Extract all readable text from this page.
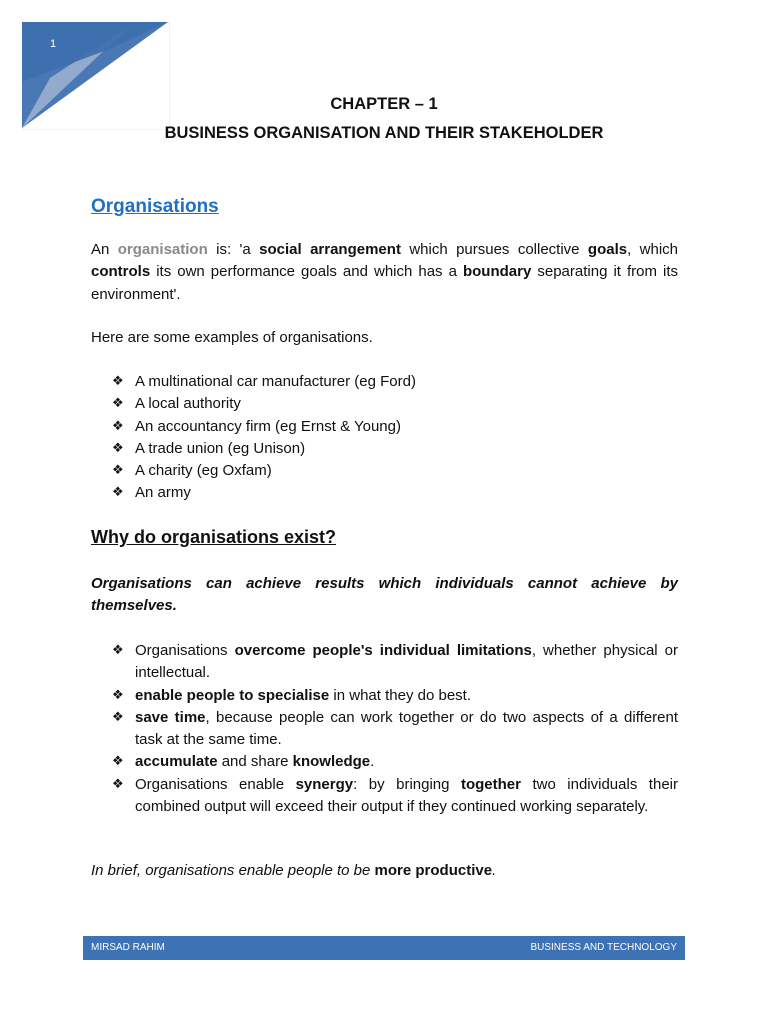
1
CHAPTER – 1
BUSINESS ORGANISATION AND THEIR STAKEHOLDER
Organisations
An organisation is: 'a social arrangement which pursues collective goals, which controls its own performance goals and which has a boundary separating it from its environment'.
Here are some examples of organisations.
❖ A multinational car manufacturer (eg Ford)
❖ A local authority
❖ An accountancy firm (eg Ernst & Young)
❖ A trade union (eg Unison)
❖ A charity (eg Oxfam)
❖ An army
Why do organisations exist?
Organisations can achieve results which individuals cannot achieve by themselves.
❖ Organisations overcome people's individual limitations, whether physical or intellectual.
❖ enable people to specialise in what they do best.
❖ save time, because people can work together or do two aspects of a different task at the same time.
❖ accumulate and share knowledge.
❖ Organisations enable synergy: by bringing together two individuals their combined output will exceed their output if they continued working separately.
In brief, organisations enable people to be more productive.
MIRSAD RAHIM	BUSINESS AND TECHNOLOGY
